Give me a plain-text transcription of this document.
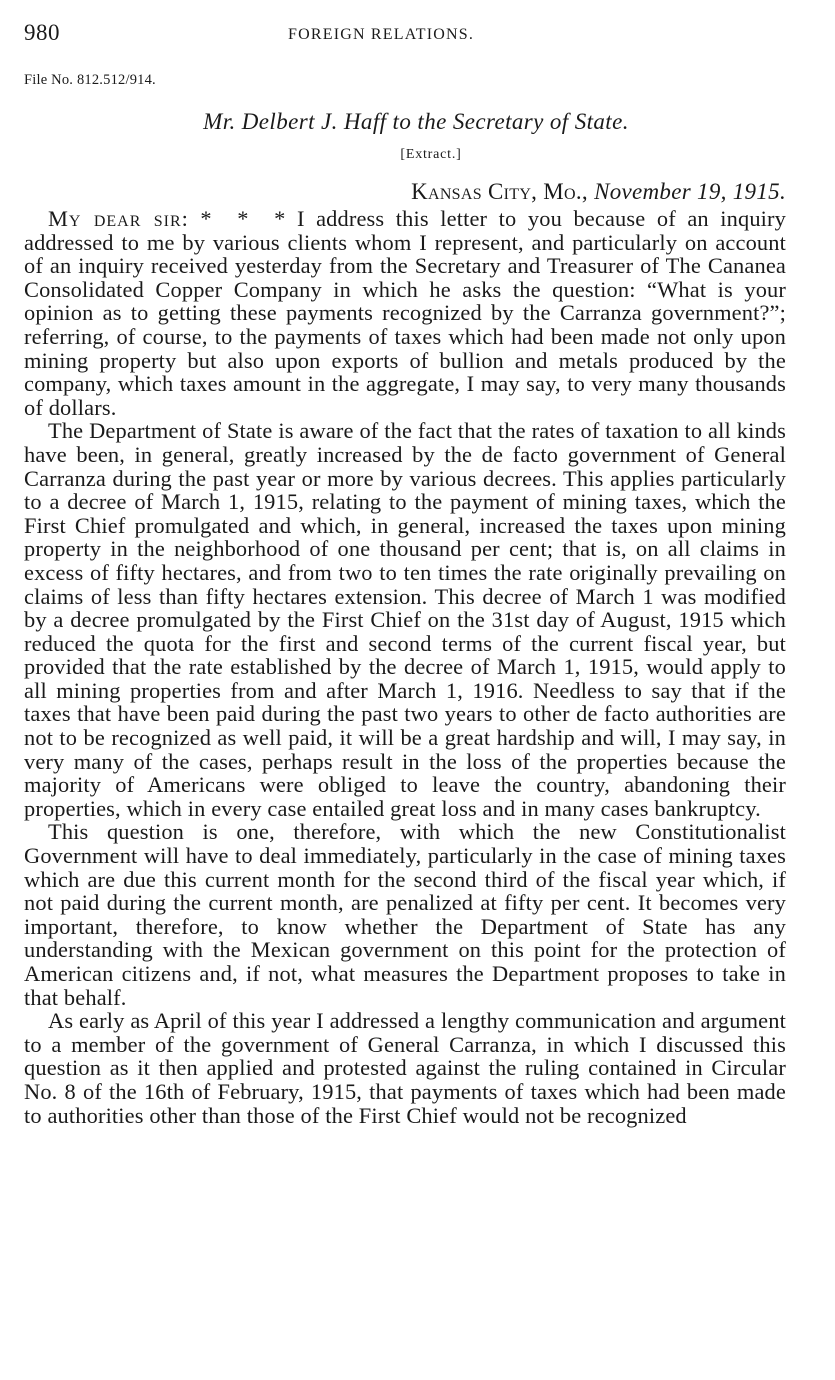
980	FOREIGN RELATIONS.
File No. 812.512/914.
Mr. Delbert J. Haff to the Secretary of State.
[Extract.]
Kansas City, Mo., November 19, 1915.

My dear sir: * * * I address this letter to you because of an inquiry addressed to me by various clients whom I represent, and particularly on account of an inquiry received yesterday from the Secretary and Treasurer of The Cananea Consolidated Copper Company in which he asks the question: “What is your opinion as to getting these payments recognized by the Carranza government?”; referring, of course, to the payments of taxes which had been made not only upon mining property but also upon exports of bullion and metals produced by the company, which taxes amount in the aggregate, I may say, to very many thousands of dollars.

The Department of State is aware of the fact that the rates of taxation to all kinds have been, in general, greatly increased by the de facto government of General Carranza during the past year or more by various decrees. This applies particularly to a decree of March 1, 1915, relating to the payment of mining taxes, which the First Chief promulgated and which, in general, increased the taxes upon mining property in the neighborhood of one thousand per cent; that is, on all claims in excess of fifty hectares, and from two to ten times the rate originally prevailing on claims of less than fifty hectares extension. This decree of March 1 was modified by a decree promulgated by the First Chief on the 31st day of August, 1915 which reduced the quota for the first and second terms of the current fiscal year, but provided that the rate established by the decree of March 1, 1915, would apply to all mining properties from and after March 1, 1916. Needless to say that if the taxes that have been paid during the past two years to other de facto authorities are not to be recognized as well paid, it will be a great hardship and will, I may say, in very many of the cases, perhaps result in the loss of the properties because the majority of Americans were obliged to leave the country, abandoning their properties, which in every case entailed great loss and in many cases bankruptcy.

This question is one, therefore, with which the new Constitutionalist Government will have to deal immediately, particularly in the case of mining taxes which are due this current month for the second third of the fiscal year which, if not paid during the current month, are penalized at fifty per cent. It becomes very important, therefore, to know whether the Department of State has any understanding with the Mexican government on this point for the protection of American citizens and, if not, what measures the Department proposes to take in that behalf.

As early as April of this year I addressed a lengthy communication and argument to a member of the government of General Carranza, in which I discussed this question as it then applied and protested against the ruling contained in Circular No. 8 of the 16th of February, 1915, that payments of taxes which had been made to authorities other than those of the First Chief would not be recognized
